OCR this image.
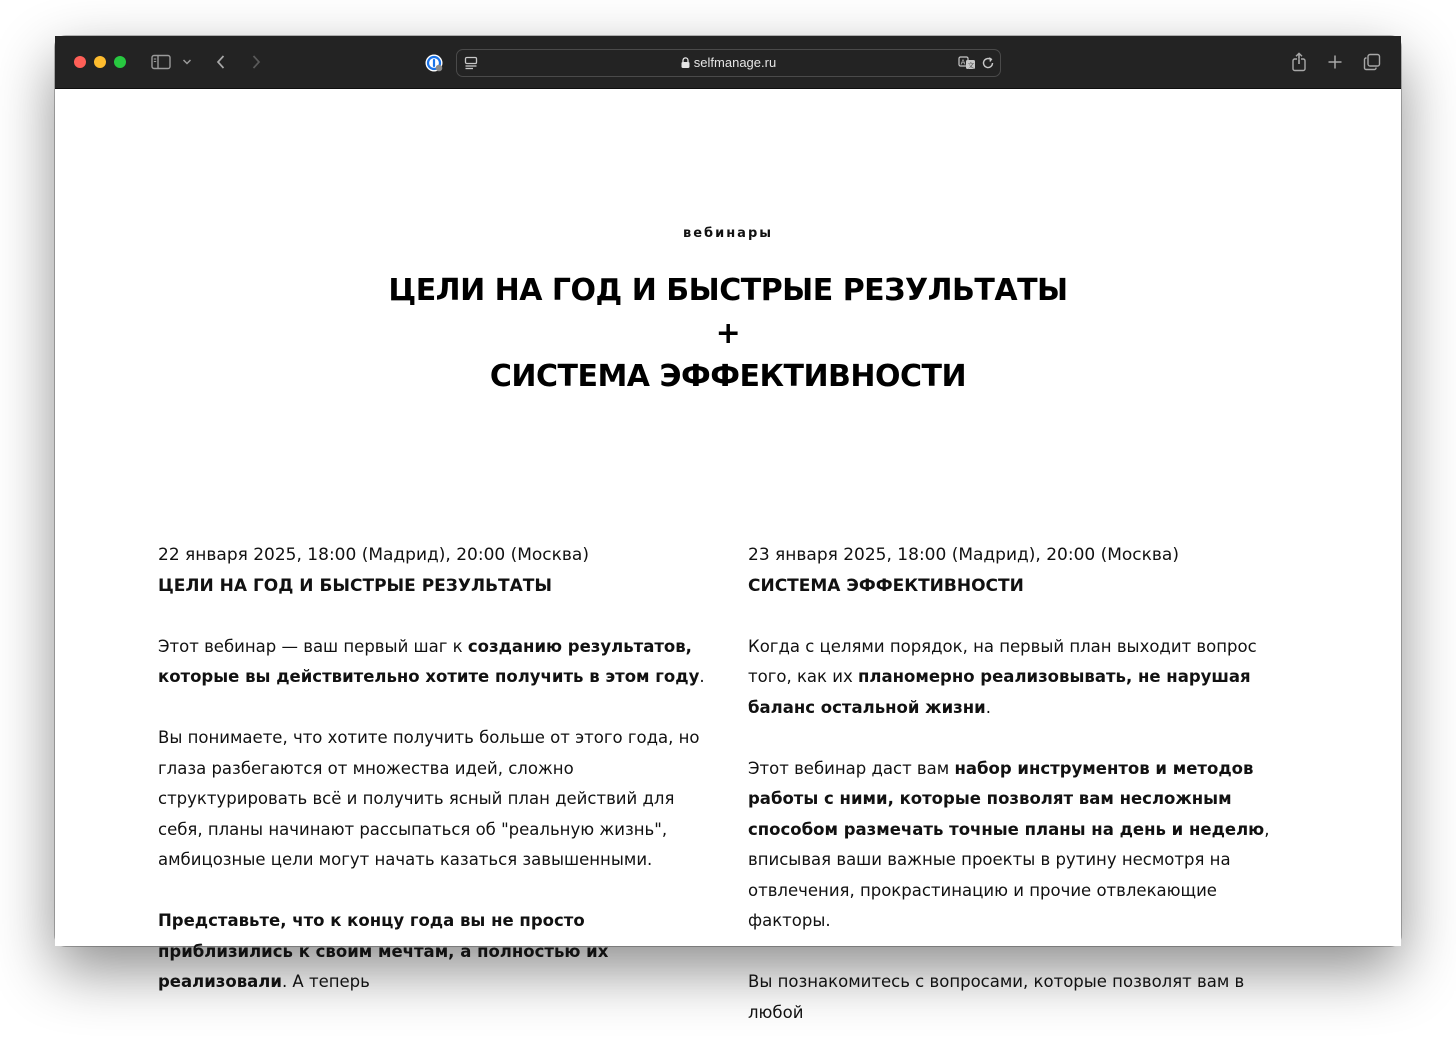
selfmanage.ru	A 文
вебинары
ЦЕЛИ НА ГОД И БЫСТРЫЕ РЕЗУЛЬТАТЫ
+
СИСТЕМА ЭФФЕКТИВНОСТИ

22 января 2025, 18:00 (Мадрид), 20:00 (Москва)

ЦЕЛИ НА ГОД И БЫСТРЫЕ РЕЗУЛЬТАТЫ

Этот вебинар — ваш первый шаг к созданию результатов, которые вы действительно хотите получить в этом году.

Вы понимаете, что хотите получить больше от этого года, но глаза разбегаются от множества идей, сложно структурировать всё и получить ясный план действий для себя, планы начинают рассыпаться об "реальную жизнь", амбицозные цели могут начать казаться завышенными.

Представьте, что к концу года вы не просто приблизились к своим мечтам, а полностью их реализовали. А теперь

23 января 2025, 18:00 (Мадрид), 20:00 (Москва)

СИСТЕМА ЭФФЕКТИВНОСТИ

Когда с целями порядок, на первый план выходит вопрос того, как их планомерно реализовывать, не нарушая баланс остальной жизни.

Этот вебинар даст вам набор инструментов и методов работы с ними, которые позволят вам несложным способом размечать точные планы на день и неделю, вписывая ваши важные проекты в рутину несмотря на отвлечения, прокрастинацию и прочие отвлекающие факторы.

Вы познакомитесь с вопросами, которые позволят вам в любой
